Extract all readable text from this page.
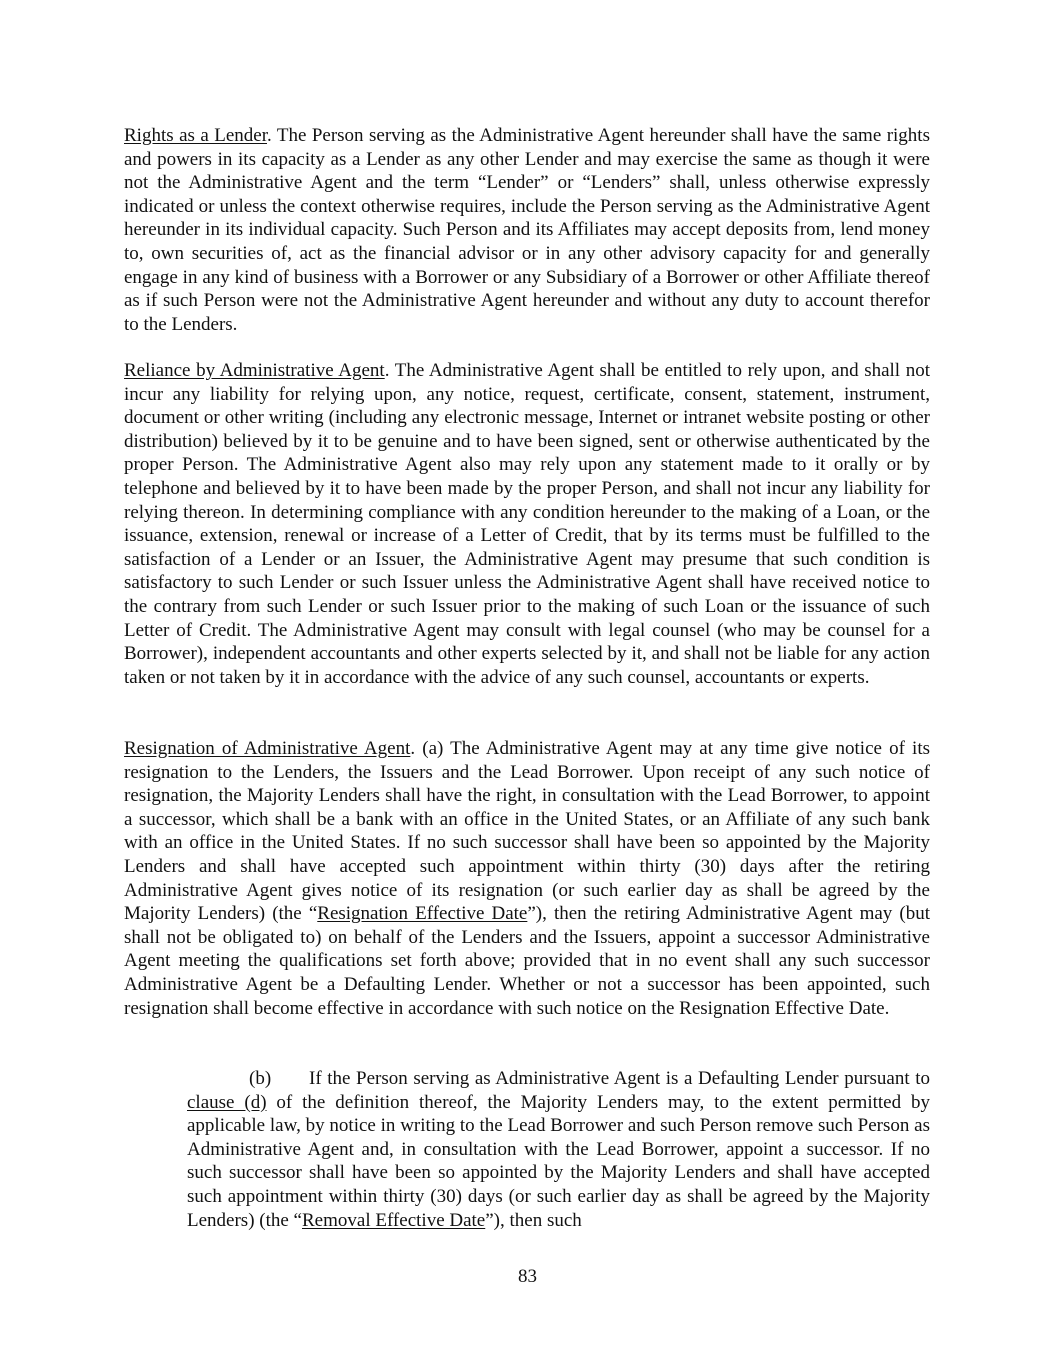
Rights as a Lender. The Person serving as the Administrative Agent hereunder shall have the same rights and powers in its capacity as a Lender as any other Lender and may exercise the same as though it were not the Administrative Agent and the term “Lender” or “Lenders” shall, unless otherwise expressly indicated or unless the context otherwise requires, include the Person serving as the Administrative Agent hereunder in its individual capacity. Such Person and its Affiliates may accept deposits from, lend money to, own securities of, act as the financial advisor or in any other advisory capacity for and generally engage in any kind of business with a Borrower or any Subsidiary of a Borrower or other Affiliate thereof as if such Person were not the Administrative Agent hereunder and without any duty to account therefor to the Lenders.

Reliance by Administrative Agent. The Administrative Agent shall be entitled to rely upon, and shall not incur any liability for relying upon, any notice, request, certificate, consent, statement, instrument, document or other writing (including any electronic message, Internet or intranet website posting or other distribution) believed by it to be genuine and to have been signed, sent or otherwise authenticated by the proper Person. The Administrative Agent also may rely upon any statement made to it orally or by telephone and believed by it to have been made by the proper Person, and shall not incur any liability for relying thereon. In determining compliance with any condition hereunder to the making of a Loan, or the issuance, extension, renewal or increase of a Letter of Credit, that by its terms must be fulfilled to the satisfaction of a Lender or an Issuer, the Administrative Agent may presume that such condition is satisfactory to such Lender or such Issuer unless the Administrative Agent shall have received notice to the contrary from such Lender or such Issuer prior to the making of such Loan or the issuance of such Letter of Credit. The Administrative Agent may consult with legal counsel (who may be counsel for a Borrower), independent accountants and other experts selected by it, and shall not be liable for any action taken or not taken by it in accordance with the advice of any such counsel, accountants or experts.

Resignation of Administrative Agent. (a) The Administrative Agent may at any time give notice of its resignation to the Lenders, the Issuers and the Lead Borrower. Upon receipt of any such notice of resignation, the Majority Lenders shall have the right, in consultation with the Lead Borrower, to appoint a successor, which shall be a bank with an office in the United States, or an Affiliate of any such bank with an office in the United States. If no such successor shall have been so appointed by the Majority Lenders and shall have accepted such appointment within thirty (30) days after the retiring Administrative Agent gives notice of its resignation (or such earlier day as shall be agreed by the Majority Lenders) (the “Resignation Effective Date”), then the retiring Administrative Agent may (but shall not be obligated to) on behalf of the Lenders and the Issuers, appoint a successor Administrative Agent meeting the qualifications set forth above; provided that in no event shall any such successor Administrative Agent be a Defaulting Lender. Whether or not a successor has been appointed, such resignation shall become effective in accordance with such notice on the Resignation Effective Date.

(b) If the Person serving as Administrative Agent is a Defaulting Lender pursuant to clause (d) of the definition thereof, the Majority Lenders may, to the extent permitted by applicable law, by notice in writing to the Lead Borrower and such Person remove such Person as Administrative Agent and, in consultation with the Lead Borrower, appoint a successor. If no such successor shall have been so appointed by the Majority Lenders and shall have accepted such appointment within thirty (30) days (or such earlier day as shall be agreed by the Majority Lenders) (the “Removal Effective Date”), then such

83
